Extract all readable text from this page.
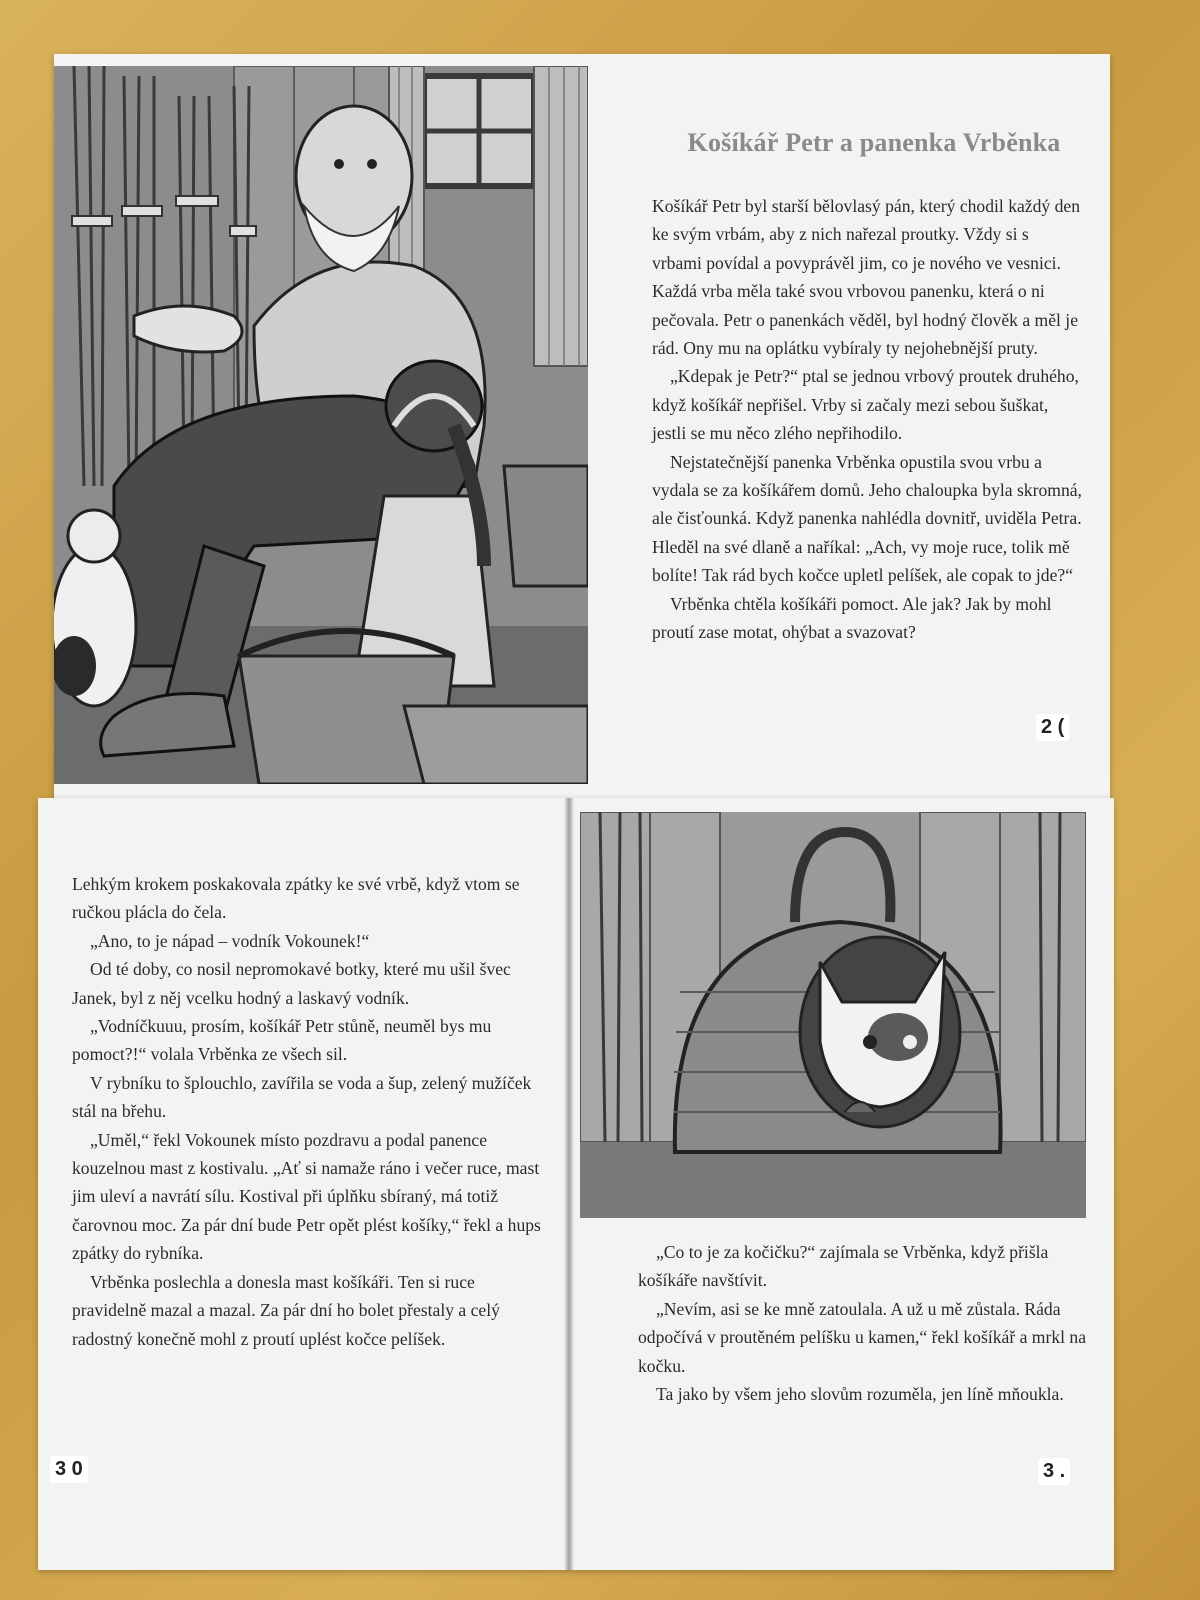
Košíkář Petr a panenka Vrběnka

Košíkář Petr byl starší bělovlasý pán, který chodil každý den ke svým vrbám, aby z nich nařezal proutky. Vždy si s vrbami povídal a povyprávěl jim, co je nového ve vesnici. Každá vrba měla také svou vrbovou panenku, která o ni pečovala. Petr o panenkách věděl, byl hodný člověk a měl je rád. Ony mu na oplátku vybíraly ty nejohebnější pruty.

„Kdepak je Petr?“ ptal se jednou vrbový proutek druhého, když košíkář nepřišel. Vrby si začaly mezi sebou šuškat, jestli se mu něco zlého nepřihodilo.

Nejstatečnější panenka Vrběnka opustila svou vrbu a vydala se za košíkářem domů. Jeho chaloupka byla skromná, ale čisťounká. Když panenka nahlédla dovnitř, uviděla Petra. Hleděl na své dlaně a naříkal: „Ach, vy moje ruce, tolik mě bolíte! Tak rád bych kočce upletl pelíšek, ale copak to jde?“

Vrběnka chtěla košíkáři pomoct. Ale jak? Jak by mohl proutí zase motat, ohýbat a svazovat?

2 (

Lehkým krokem poskakovala zpátky ke své vrbě, když vtom se ručkou plácla do čela.

„Ano, to je nápad – vodník Vokounek!“

Od té doby, co nosil nepromokavé botky, které mu ušil švec Janek, byl z něj vcelku hodný a laskavý vodník.

„Vodníčkuuu, prosím, košíkář Petr stůně, neuměl bys mu pomoct?!“ volala Vrběnka ze všech sil.

V rybníku to šplouchlo, zavířila se voda a šup, zelený mužíček stál na břehu.

„Uměl,“ řekl Vokounek místo pozdravu a podal panence kouzelnou mast z kostivalu. „Ať si namaže ráno i večer ruce, mast jim uleví a navrátí sílu. Kostival při úplňku sbíraný, má totiž čarovnou moc. Za pár dní bude Petr opět plést košíky,“ řekl a hups zpátky do rybníka.

Vrběnka poslechla a donesla mast košíkáři. Ten si ruce pravidelně mazal a mazal. Za pár dní ho bolet přestaly a celý radostný konečně mohl z proutí uplést kočce pelíšek.

3 0

„Co to je za kočičku?“ zajímala se Vrběnka, když přišla košíkáře navštívit.

„Nevím, asi se ke mně zatoulala. A už u mě zůstala. Ráda odpočívá v proutěném pelíšku u kamen,“ řekl košíkář a mrkl na kočku.

Ta jako by všem jeho slovům rozuměla, jen líně mňoukla.

3 .
